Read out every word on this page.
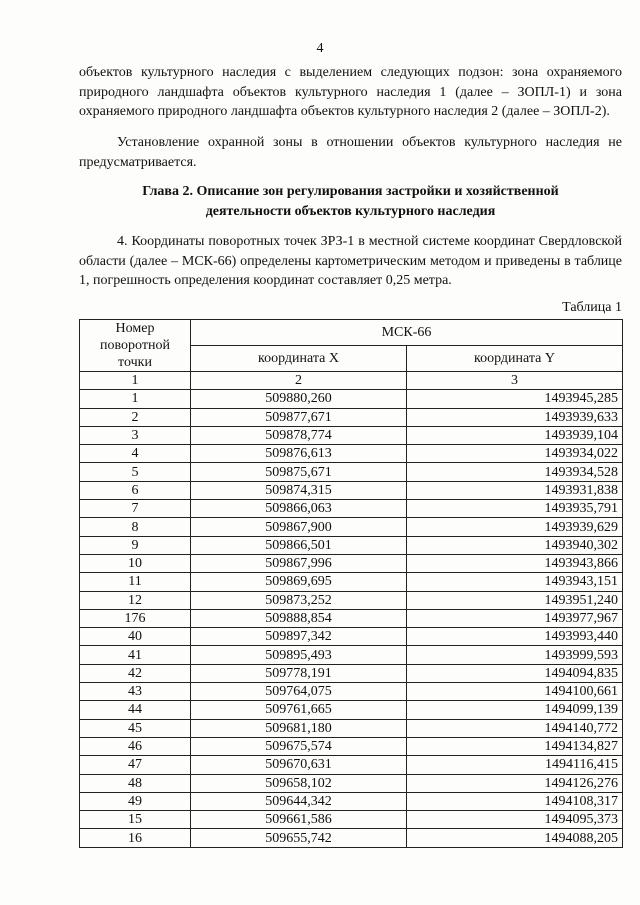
4

объектов культурного наследия с выделением следующих подзон: зона охраняемого природного ландшафта объектов культурного наследия 1 (далее – ЗОПЛ-1) и зона охраняемого природного ландшафта объектов культурного наследия 2 (далее – ЗОПЛ-2).

Установление охранной зоны в отношении объектов культурного наследия не предусматривается.

Глава 2. Описание зон регулирования застройки и хозяйственной
деятельности объектов культурного наследия

4. Координаты поворотных точек ЗРЗ-1 в местной системе координат Свердловской области (далее – МСК-66) определены картометрическим методом и приведены в таблице 1, погрешность определения координат составляет 0,25 метра.

Таблица 1
Номер поворотной точки	МСК-66	
	координата X	координата Y
1	2	3
1	509880,260	1493945,285
2	509877,671	1493939,633
3	509878,774	1493939,104
4	509876,613	1493934,022
5	509875,671	1493934,528
6	509874,315	1493931,838
7	509866,063	1493935,791
8	509867,900	1493939,629
9	509866,501	1493940,302
10	509867,996	1493943,866
11	509869,695	1493943,151
12	509873,252	1493951,240
176	509888,854	1493977,967
40	509897,342	1493993,440
41	509895,493	1493999,593
42	509778,191	1494094,835
43	509764,075	1494100,661
44	509761,665	1494099,139
45	509681,180	1494140,772
46	509675,574	1494134,827
47	509670,631	1494116,415
48	509658,102	1494126,276
49	509644,342	1494108,317
15	509661,586	1494095,373
16	509655,742	1494088,205
